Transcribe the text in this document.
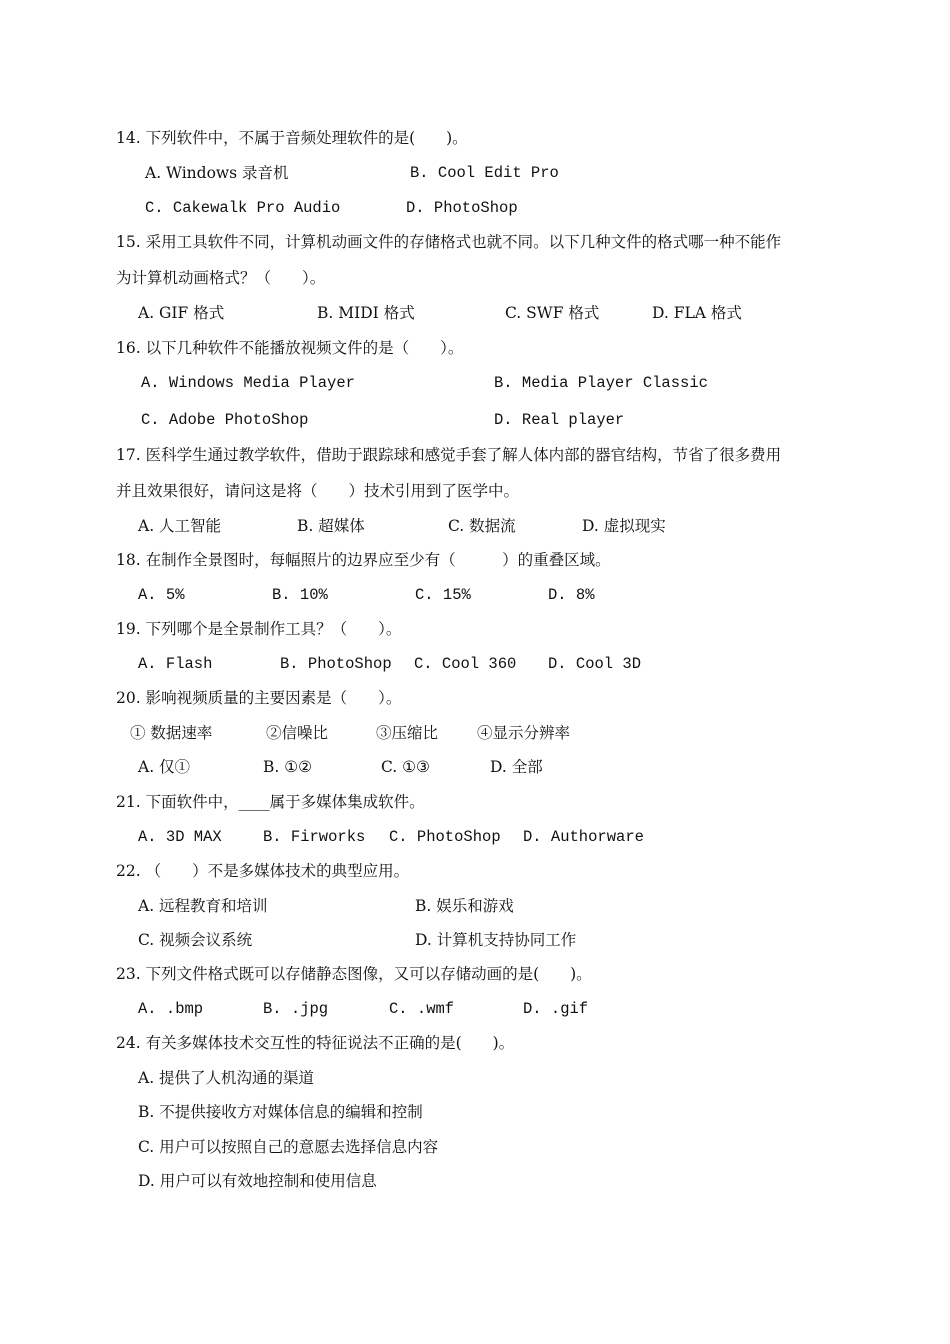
14. 下列软件中，不属于音频处理软件的是(　　)。
A. Windows 录音机	B. Cool Edit Pro
C. Cakewalk Pro Audio	D. PhotoShop
15. 采用工具软件不同，计算机动画文件的存储格式也就不同。以下几种文件的格式哪一种不能作
为计算机动画格式？（　　）。
A. GIF 格式	B. MIDI 格式	C. SWF 格式	D. FLA 格式
16. 以下几种软件不能播放视频文件的是（　　）。
A. Windows Media Player	B. Media Player Classic
C. Adobe PhotoShop	D. Real player
17. 医科学生通过教学软件，借助于跟踪球和感觉手套了解人体内部的器官结构，节省了很多费用
并且效果很好，请问这是将（　　）技术引用到了医学中。
A. 人工智能	B. 超媒体	C. 数据流	D. 虚拟现实
18. 在制作全景图时，每幅照片的边界应至少有（　　　）的重叠区域。
A. 5%	B. 10%	C. 15%	D. 8%
19. 下列哪个是全景制作工具？（　　）。
A. Flash	B. PhotoShop C. Cool 360 D. Cool 3D
20. 影响视频质量的主要因素是（　　）。
① 数据速率	②信噪比	③压缩比	④显示分辨率
A. 仅①	B. ①②	C. ①③	D. 全部
21. 下面软件中，____属于多媒体集成软件。
A. 3D MAX	B. Firworks C. PhotoShop D. Authorware
22. （　　）不是多媒体技术的典型应用。
A. 远程教育和培训	B. 娱乐和游戏
C. 视频会议系统	D. 计算机支持协同工作
23. 下列文件格式既可以存储静态图像，又可以存储动画的是(　　)。
A. .bmp	B. .jpg	C. .wmf	D. .gif
24. 有关多媒体技术交互性的特征说法不正确的是(　　)。
A. 提供了人机沟通的渠道
B. 不提供接收方对媒体信息的编辑和控制
C. 用户可以按照自己的意愿去选择信息内容
D. 用户可以有效地控制和使用信息
